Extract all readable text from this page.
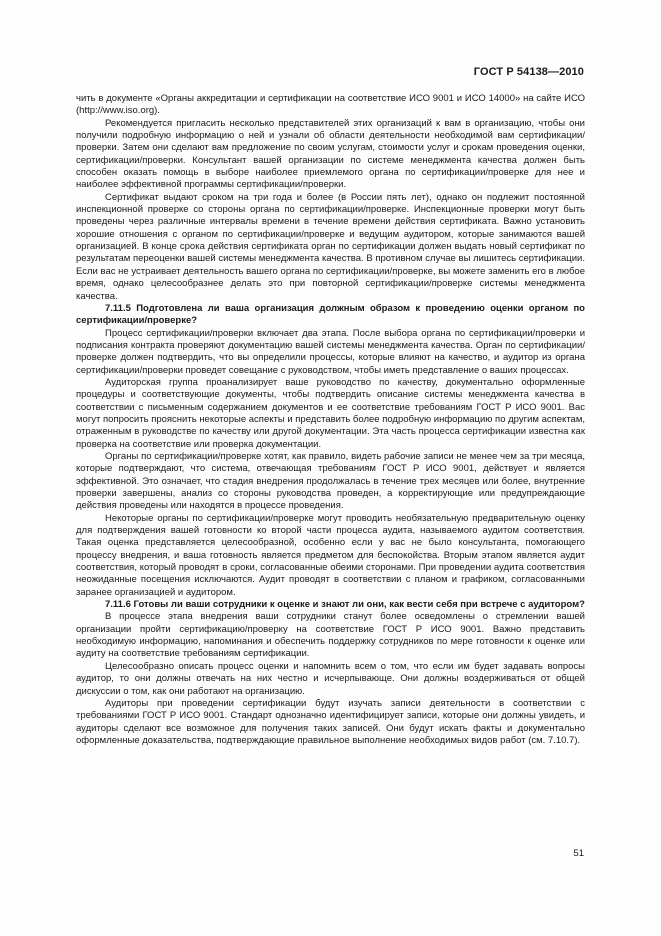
ГОСТ Р 54138—2010

чить в документе «Органы аккредитации и сертификации на соответствие ИСО 9001 и ИСО 14000» на сайте ИСО (http://www.iso.org).

Рекомендуется пригласить несколько представителей этих организаций к вам в организацию, чтобы они получили подробную информацию о ней и узнали об области деятельности необходимой вам сертификации/проверки. Затем они сделают вам предложение по своим услугам, стоимости услуг и срокам проведения оценки, сертификации/проверки. Консультант вашей организации по системе менеджмента качества должен быть способен оказать помощь в выборе наиболее приемлемого органа по сертификации/проверке для нее и наиболее эффективной программы сертификации/проверки.

Сертификат выдают сроком на три года и более (в России пять лет), однако он подлежит постоянной инспекционной проверке со стороны органа по сертификации/проверке. Инспекционные проверки могут быть проведены через различные интервалы времени в течение времени действия сертификата. Важно установить хорошие отношения с органом по сертификации/проверке и ведущим аудитором, которые занимаются вашей организацией. В конце срока действия сертификата орган по сертификации должен выдать новый сертификат по результатам переоценки вашей системы менеджмента качества. В противном случае вы лишитесь сертификации. Если вас не устраивает деятельность вашего органа по сертификации/проверке, вы можете заменить его в любое время, однако целесообразнее делать это при повторной сертификации/проверке системы менеджмента качества.

7.11.5 Подготовлена ли ваша организация должным образом к проведению оценки органом по сертификации/проверке?

Процесс сертификации/проверки включает два этапа. После выбора органа по сертификации/проверки и подписания контракта проверяют документацию вашей системы менеджмента качества. Орган по сертификации/проверке должен подтвердить, что вы определили процессы, которые влияют на качество, и аудитор из органа сертификации/проверки проведет совещание с руководством, чтобы иметь представление о ваших процессах.

Аудиторская группа проанализирует ваше руководство по качеству, документально оформленные процедуры и соответствующие документы, чтобы подтвердить описание системы менеджмента качества в соответствии с письменным содержанием документов и ее соответствие требованиям ГОСТ Р ИСО 9001. Вас могут попросить прояснить некоторые аспекты и представить более подробную информацию по другим аспектам, отраженным в руководстве по качеству или другой документации. Эта часть процесса сертификации известна как проверка на соответствие или проверка документации.

Органы по сертификации/проверке хотят, как правило, видеть рабочие записи не менее чем за три месяца, которые подтверждают, что система, отвечающая требованиям ГОСТ Р ИСО 9001, действует и является эффективной. Это означает, что стадия внедрения продолжалась в течение трех месяцев или более, внутренние проверки завершены, анализ со стороны руководства проведен, а корректирующие или предупреждающие действия проведены или находятся в процессе проведения.

Некоторые органы по сертификации/проверке могут проводить необязательную предварительную оценку для подтверждения вашей готовности ко второй части процесса аудита, называемого аудитом соответствия. Такая оценка представляется целесообразной, особенно если у вас не было консультанта, помогающего процессу внедрения, и ваша готовность является предметом для беспокойства. Вторым этапом является аудит соответствия, который проводят в сроки, согласованные обеими сторонами. При проведении аудита соответствия неожиданные посещения исключаются. Аудит проводят в соответствии с планом и графиком, согласованными заранее организацией и аудитором.

7.11.6 Готовы ли ваши сотрудники к оценке и знают ли они, как вести себя при встрече с аудитором?

В процессе этапа внедрения ваши сотрудники станут более осведомлены о стремлении вашей организации пройти сертификацию/проверку на соответствие ГОСТ Р ИСО 9001. Важно представить необходимую информацию, напоминания и обеспечить поддержку сотрудников по мере готовности к оценке или аудиту на соответствие требованиям сертификации.

Целесообразно описать процесс оценки и напомнить всем о том, что если им будет задавать вопросы аудитор, то они должны отвечать на них честно и исчерпывающе. Они должны воздерживаться от общей дискуссии о том, как они работают на организацию.

Аудиторы при проведении сертификации будут изучать записи деятельности в соответствии с требованиями ГОСТ Р ИСО 9001. Стандарт однозначно идентифицирует записи, которые они должны увидеть, и аудиторы сделают все возможное для получения таких записей. Они будут искать факты и документально оформленные доказательства, подтверждающие правильное выполнение необходимых видов работ (см. 7.10.7).

51
